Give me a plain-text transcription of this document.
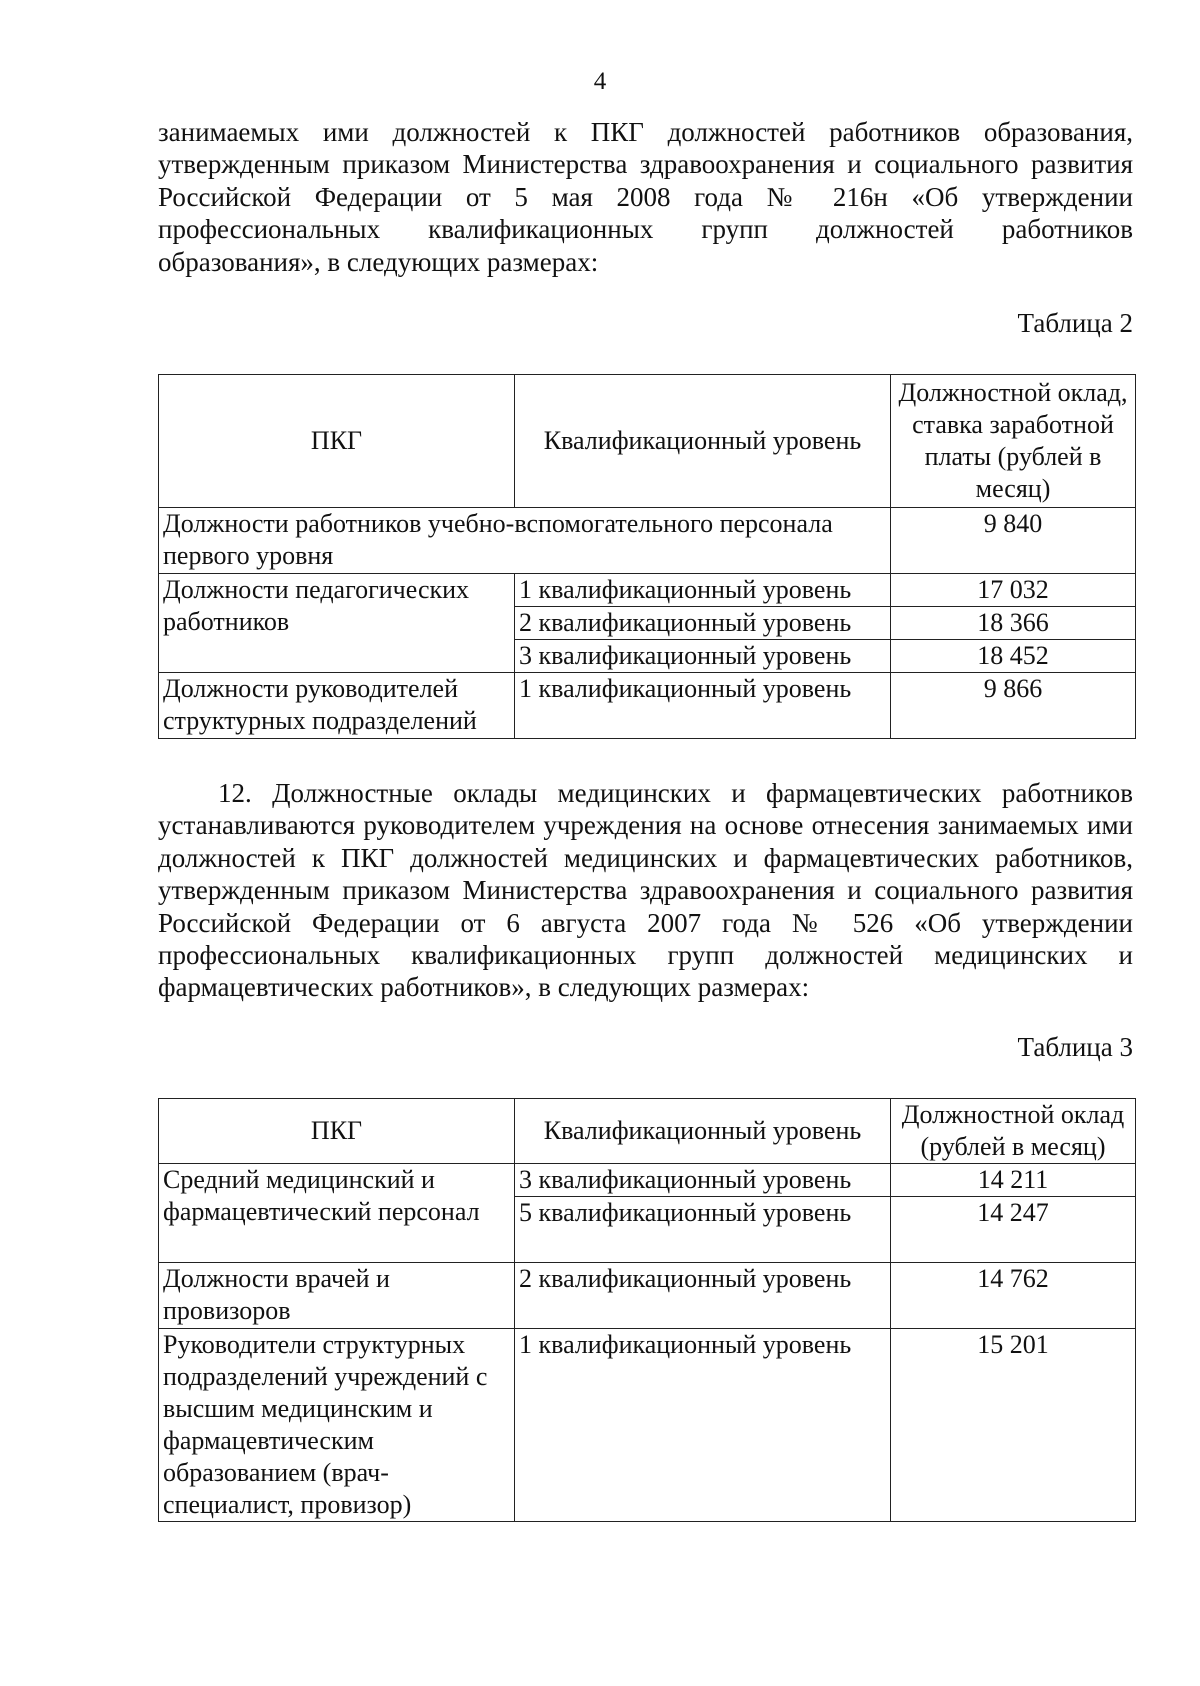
4
занимаемых ими должностей к ПКГ должностей работников образования, утвержденным приказом Министерства здравоохранения и социального развития Российской Федерации от 5 мая 2008 года № 216н «Об утверждении профессиональных квалификационных групп должностей работников образования», в следующих размерах:
Таблица 2
ПКГ	Квалификационный уровень	Должностной оклад, ставка заработной платы (рублей в месяц)
Должности работников учебно-вспомогательного персонала первого уровня		9 840
Должности педагогических работников	1 квалификационный уровень	17 032
	2 квалификационный уровень	18 366
	3 квалификационный уровень	18 452
Должности руководителей структурных подразделений	1 квалификационный уровень	9 866
12. Должностные оклады медицинских и фармацевтических работников устанавливаются руководителем учреждения на основе отнесения занимаемых ими должностей к ПКГ должностей медицинских и фармацевтических работников, утвержденным приказом Министерства здравоохранения и социального развития Российской Федерации от 6 августа 2007 года № 526 «Об утверждении профессиональных квалификационных групп должностей медицинских и фармацевтических работников», в следующих размерах:
Таблица 3
ПКГ	Квалификационный уровень	Должностной оклад (рублей в месяц)
Средний медицинский и фармацевтический персонал	3 квалификационный уровень	14 211
	5 квалификационный уровень	14 247
Должности врачей и провизоров	2 квалификационный уровень	14 762
Руководители структурных подразделений учреждений с высшим медицинским и фармацевтическим образованием (врач-специалист, провизор)	1 квалификационный уровень	15 201
